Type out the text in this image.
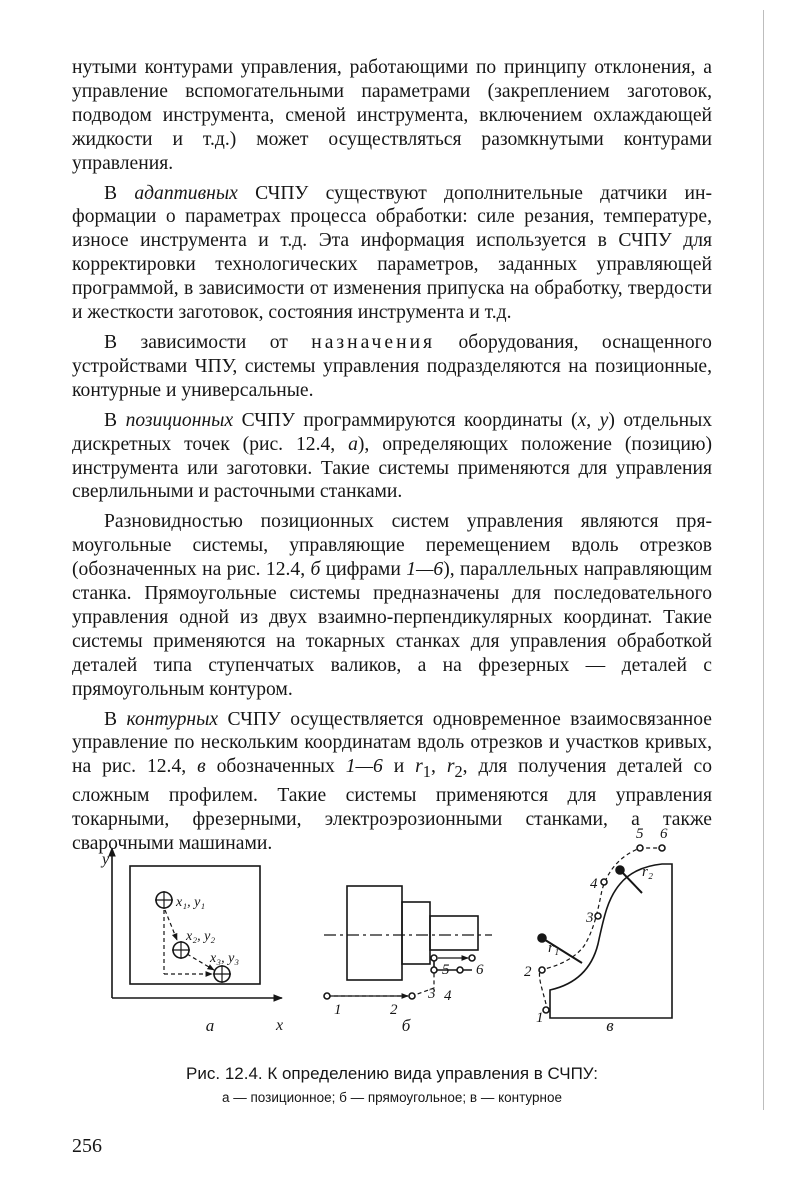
нутыми контурами управления, работающими по принципу отклонения, а управление вспомогательными параметрами (закреплением заготовок, подводом инструмента, сменой инструмента, включением охлаждающей жидкости и т.д.) может осуществляться разомкнутыми контурами управления.

В адаптивных СЧПУ существуют дополнительные датчики информации о параметрах процесса обработки: силе резания, температуре, износе инструмента и т.д. Эта информация используется в СЧПУ для корректировки технологических параметров, заданных управляющей программой, в зависимости от изменения припуска на обработку, твердости и жесткости заготовок, состояния инструмента и т.д.

В зависимости от назначения оборудования, оснащенного устройствами ЧПУ, системы управления подразделяются на позиционные, контурные и универсальные.

В позиционных СЧПУ программируются координаты (x, y) отдельных дискретных точек (рис. 12.4, а), определяющих положение (позицию) инструмента или заготовки. Такие системы применяются для управления сверлильными и расточными станками.

Разновидностью позиционных систем управления являются прямоугольные системы, управляющие перемещением вдоль отрезков (обозначенных на рис. 12.4, б цифрами 1—6), параллельных направляющим станка. Прямоугольные системы предназначены для последовательного управления одной из двух взаимно-перпендикулярных координат. Такие системы применяются на токарных станках для управления обработкой деталей типа ступенчатых валиков, а на фрезерных — деталей с прямоугольным контуром.

В контурных СЧПУ осуществляется одновременное взаимосвязанное управление по нескольким координатам вдоль отрезков и участков кривых, на рис. 12.4, в обозначенных 1—6 и $r_1$, $r_2$, для получения деталей со сложным профилем. Такие системы применяются для управления токарными, фрезерными, электроэрозионными станками, а также сварочными машинами.

y
x
x₁, y₁
x₂, y₂
x₃, y₃
1	2
3 4
5 6
1
2
3
4
5 6
r₁
r₂
а	б	в
Рис. 12.4. К определению вида управления в СЧПУ:
а — позиционное; б — прямоугольное; в — контурное
256
